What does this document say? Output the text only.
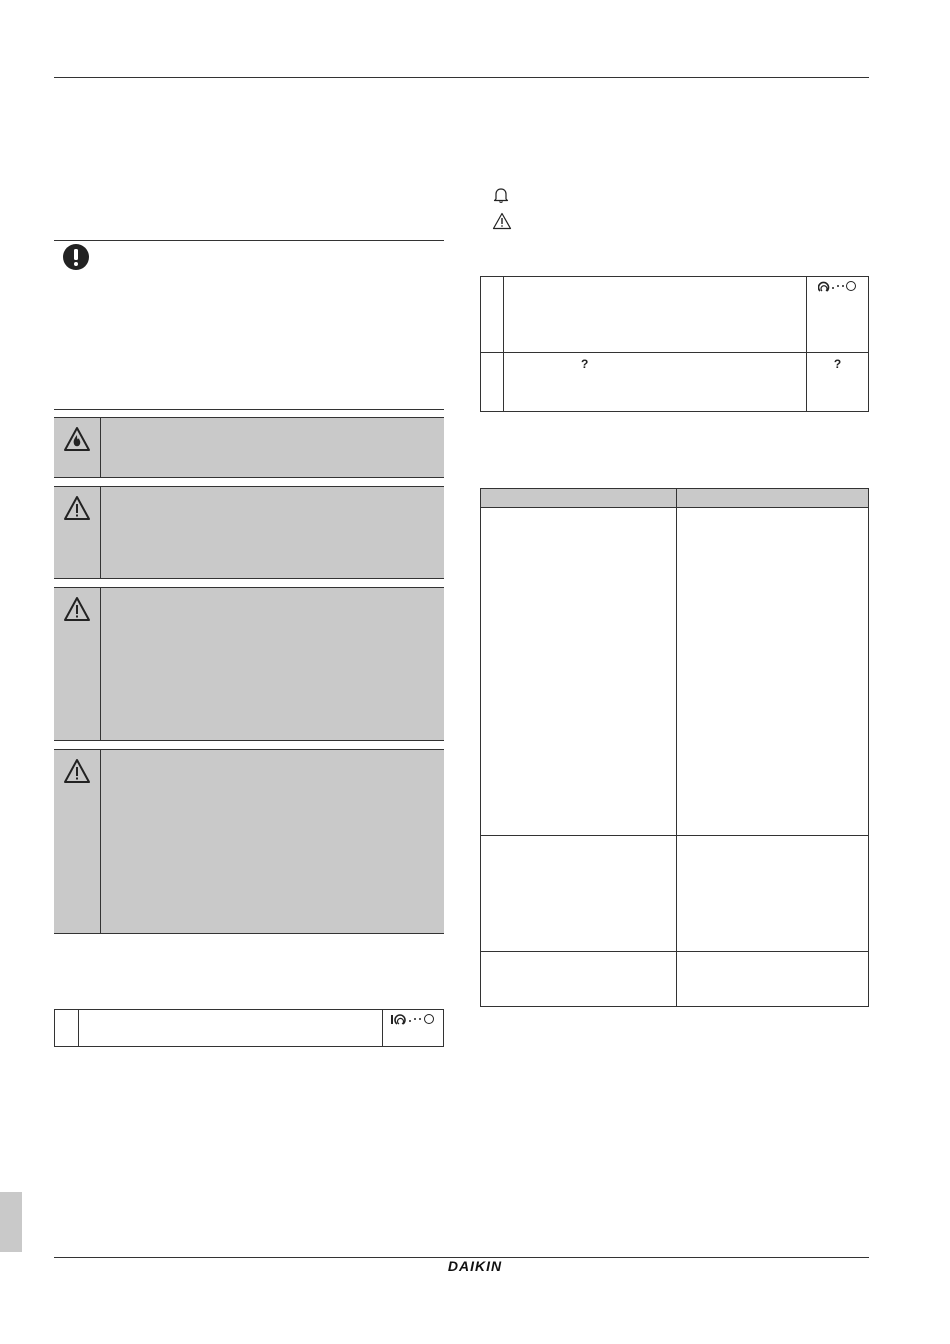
	?	?

DAIKIN
